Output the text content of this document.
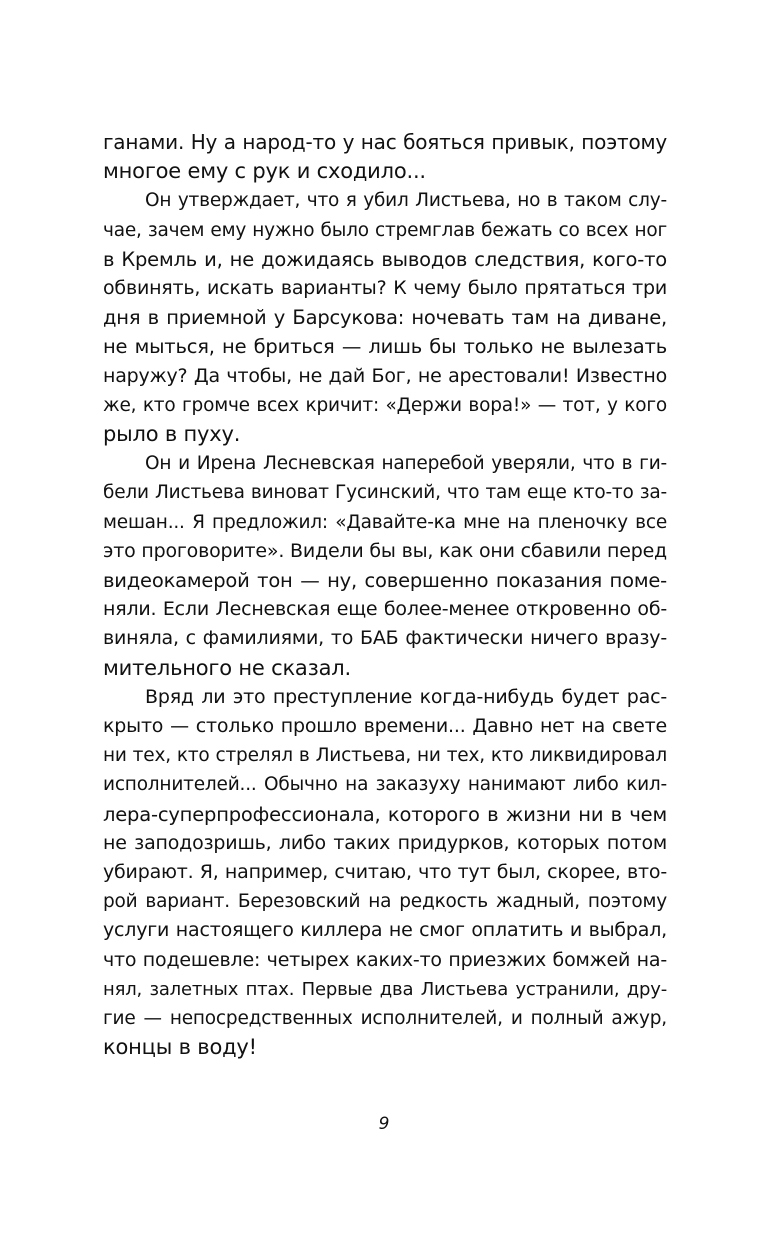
ганами. Ну а народ-то у нас бояться привык, поэтому
многое ему с рук и сходило...
Он утверждает, что я убил Листьева, но в таком слу-
чае, зачем ему нужно было стремглав бежать со всех ног
в Кремль и, не дожидаясь выводов следствия, кого-то
обвинять, искать варианты? К чему было прятаться три
дня в приемной у Барсукова: ночевать там на диване,
не мыться, не бриться — лишь бы только не вылезать
наружу? Да чтобы, не дай Бог, не арестовали! Известно
же, кто громче всех кричит: «Держи вора!» — тот, у кого
рыло в пуху.
Он и Ирена Лесневская наперебой уверяли, что в ги-
бели Листьева виноват Гусинский, что там еще кто-то за-
мешан... Я предложил: «Давайте-ка мне на пленочку все
это проговорите». Видели бы вы, как они сбавили перед
видеокамерой тон — ну, совершенно показания поме-
няли. Если Лесневская еще более-менее откровенно об-
виняла, с фамилиями, то БАБ фактически ничего вразу-
мительного не сказал.
Вряд ли это преступление когда-нибудь будет рас-
крыто — столько прошло времени... Давно нет на свете
ни тех, кто стрелял в Листьева, ни тех, кто ликвидировал
исполнителей... Обычно на заказуху нанимают либо кил-
лера-суперпрофессионала, которого в жизни ни в чем
не заподозришь, либо таких придурков, которых потом
убирают. Я, например, считаю, что тут был, скорее, вто-
рой вариант. Березовский на редкость жадный, поэтому
услуги настоящего киллера не смог оплатить и выбрал,
что подешевле: четырех каких-то приезжих бомжей на-
нял, залетных птах. Первые два Листьева устранили, дру-
гие — непосредственных исполнителей, и полный ажур,
концы в воду!
9
